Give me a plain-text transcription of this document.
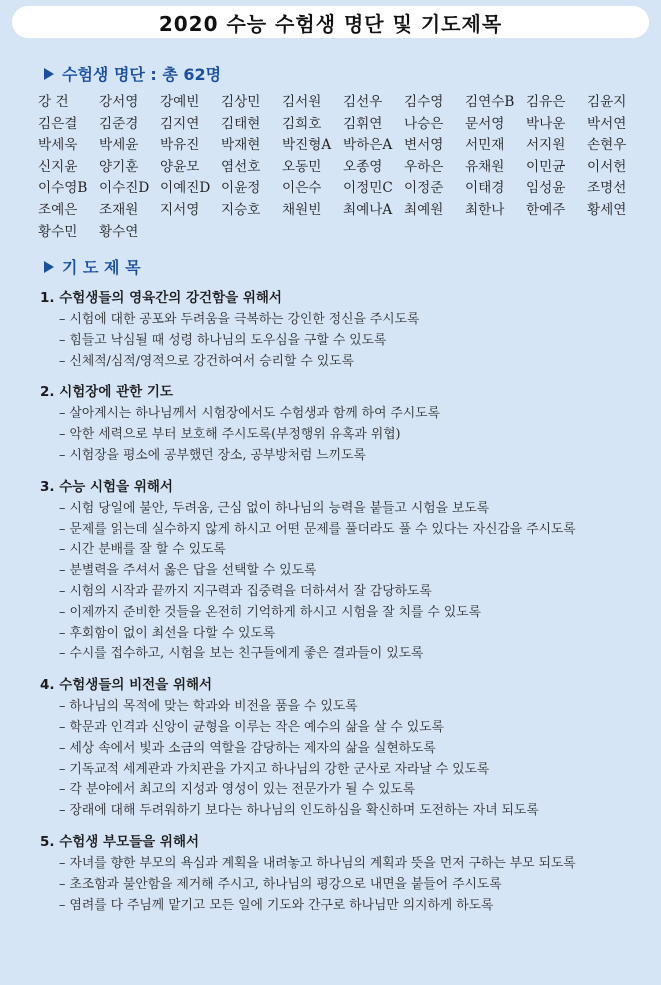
2020 수능 수험생 명단 및 기도제목
수험생 명단 : 총 62명
강 건	강서영	강예빈	김상민	김서원	김선우	김수영	김연수B 김유은	김윤지
김은결	김준경	김지연	김태현	김희호	김휘연	나승은	문서영	박나운	박서연
박세욱	박세윤	박유진	박재현	박진형A 박하은A 변서영	서민재	서지원	손현우
신지윤	양기훈	양윤모	염선호	오동민	오종영	우하은	유채원	이민균	이서헌
이수영B 이수진D 이예진D 이윤정	이은수	이정민C 이정준	이태경	임성윤	조명선
조예은	조재원	지서영	지승호	채원빈	최예나A 최예원	최한나	한예주	황세연
황수민	황수연
기 도 제 목
1. 수험생들의 영육간의 강건함을 위해서
– 시험에 대한 공포와 두려움을 극복하는 강인한 정신을 주시도록
– 힘들고 낙심될 때 성령 하나님의 도우심을 구할 수 있도록
– 신체적/심적/영적으로 강건하여서 승리할 수 있도록
2. 시험장에 관한 기도
– 살아계시는 하나님께서 시험장에서도 수험생과 함께 하여 주시도록
– 악한 세력으로 부터 보호해 주시도록(부정행위 유혹과 위협)
– 시험장을 평소에 공부했던 장소, 공부방처럼 느끼도록
3. 수능 시험을 위해서
– 시험 당일에 불안, 두려움, 근심 없이 하나님의 능력을 붙들고 시험을 보도록
– 문제를 읽는데 실수하지 않게 하시고 어떤 문제를 풀더라도 풀 수 있다는 자신감을 주시도록
– 시간 분배를 잘 할 수 있도록
– 분별력을 주셔서 옳은 답을 선택할 수 있도록
– 시험의 시작과 끝까지 지구력과 집중력을 더하셔서 잘 감당하도록
– 이제까지 준비한 것들을 온전히 기억하게 하시고 시험을 잘 치를 수 있도록
– 후회함이 없이 최선을 다할 수 있도록
– 수시를 접수하고, 시험을 보는 친구들에게 좋은 결과들이 있도록
4. 수험생들의 비전을 위해서
– 하나님의 목적에 맞는 학과와 비전을 품을 수 있도록
– 학문과 인격과 신앙이 균형을 이루는 작은 예수의 삶을 살 수 있도록
– 세상 속에서 빛과 소금의 역할을 감당하는 제자의 삶을 실현하도록
– 기독교적 세계관과 가치관을 가지고 하나님의 강한 군사로 자라날 수 있도록
– 각 분야에서 최고의 지성과 영성이 있는 전문가가 될 수 있도록
– 장래에 대해 두려워하기 보다는 하나님의 인도하심을 확신하며 도전하는 자녀 되도록
5. 수험생 부모들을 위해서
– 자녀를 향한 부모의 욕심과 계획을 내려놓고 하나님의 계획과 뜻을 먼저 구하는 부모 되도록
– 초조함과 불안함을 제거해 주시고, 하나님의 평강으로 내면을 붙들어 주시도록
– 염려를 다 주님께 맡기고 모든 일에 기도와 간구로 하나님만 의지하게 하도록
